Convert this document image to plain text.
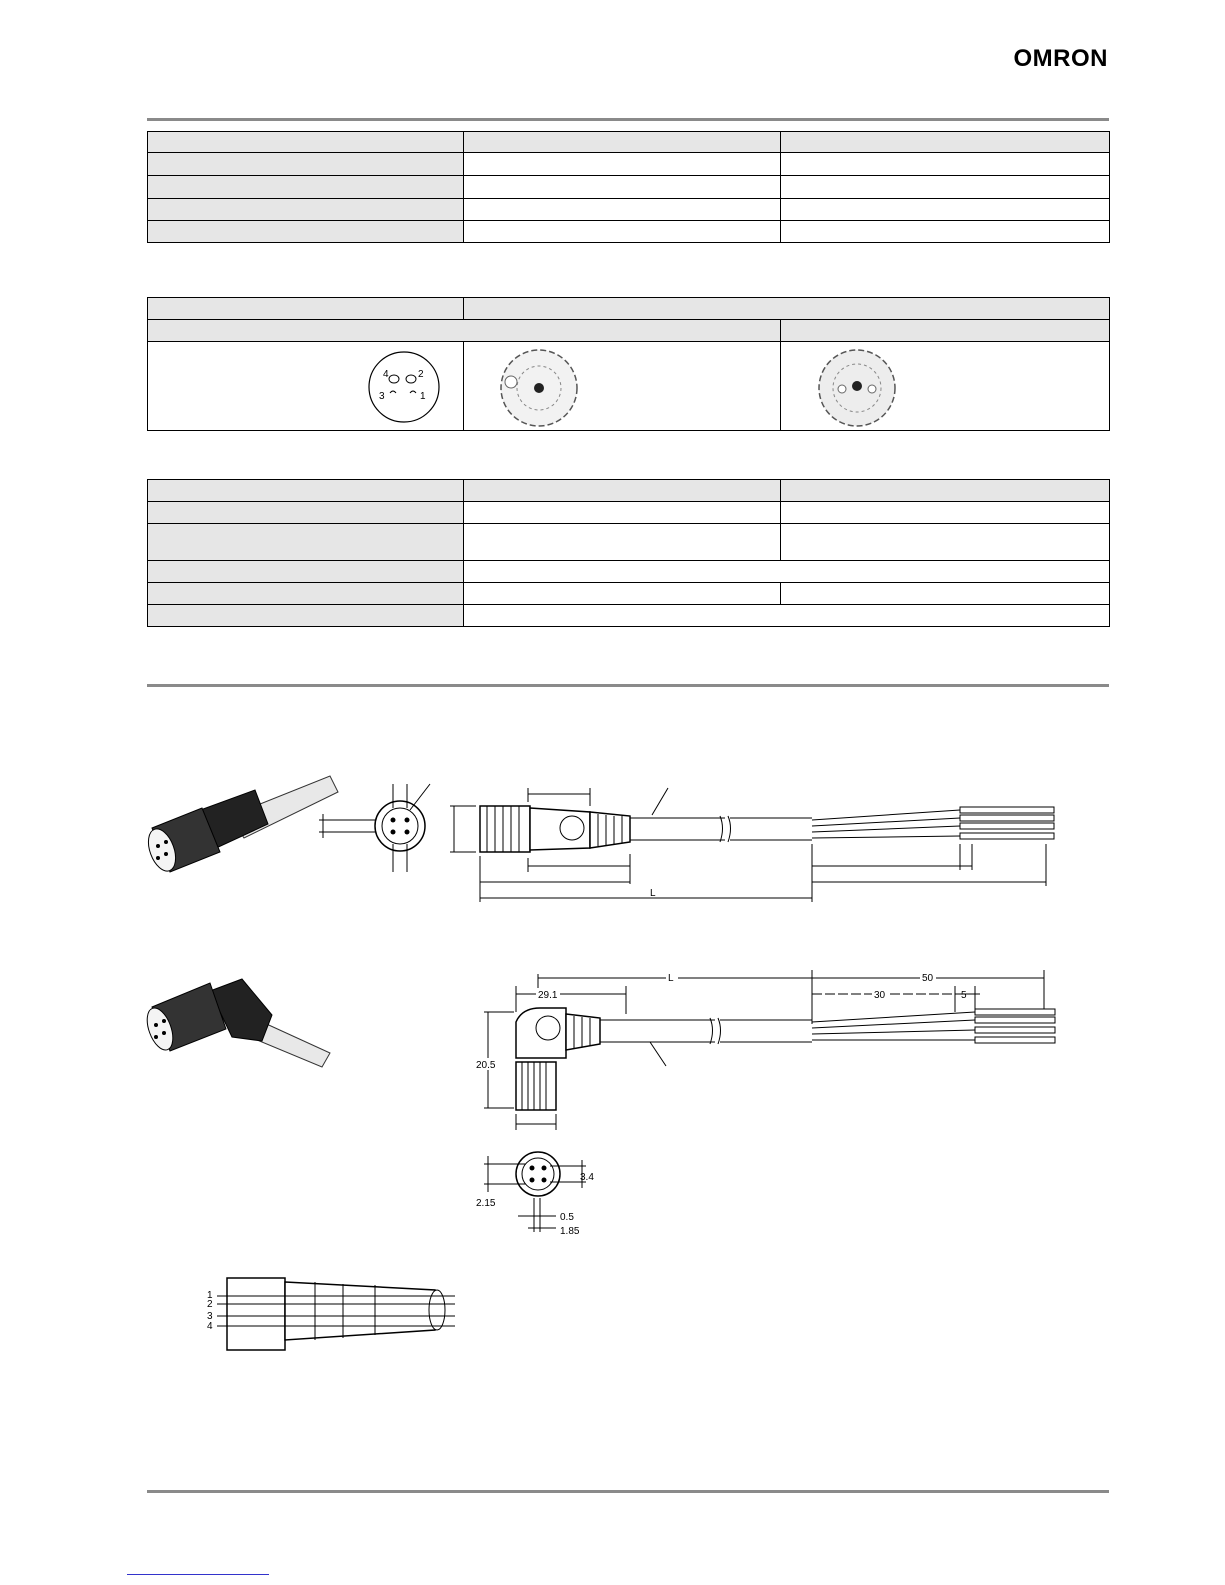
OMRON

2
4
3 1

L
L	50
30	5
29.1
20.5
2.15
3.4
0.5
1.85
1
2
3
4
